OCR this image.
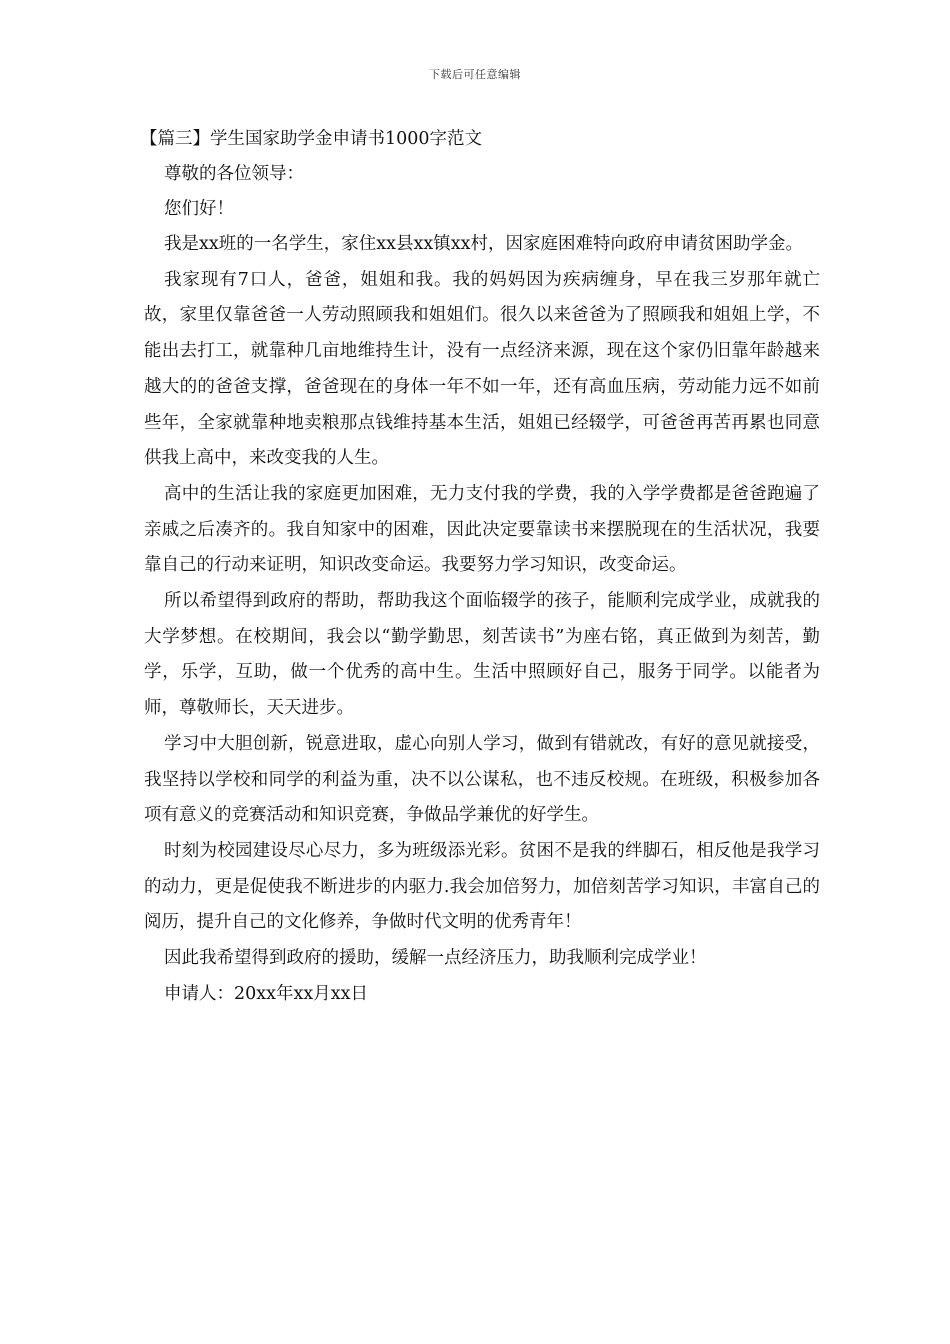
下载后可任意编辑
【篇三】学生国家助学金申请书1000字范文

尊敬的各位领导：

您们好！

我是xx班的一名学生，家住xx县xx镇xx村，因家庭困难特向政府申请贫困助学金。

我家现有7口人，爸爸，姐姐和我。我的妈妈因为疾病缠身，早在我三岁那年就亡故，家里仅靠爸爸一人劳动照顾我和姐姐们。很久以来爸爸为了照顾我和姐姐上学，不能出去打工，就靠种几亩地维持生计，没有一点经济来源，现在这个家仍旧靠年龄越来越大的的爸爸支撑，爸爸现在的身体一年不如一年，还有高血压病，劳动能力远不如前些年，全家就靠种地卖粮那点钱维持基本生活，姐姐已经辍学，可爸爸再苦再累也同意供我上高中，来改变我的人生。

高中的生活让我的家庭更加困难，无力支付我的学费，我的入学学费都是爸爸跑遍了亲戚之后凑齐的。我自知家中的困难，因此决定要靠读书来摆脱现在的生活状况，我要靠自己的行动来证明，知识改变命运。我要努力学习知识，改变命运。

所以希望得到政府的帮助，帮助我这个面临辍学的孩子，能顺利完成学业，成就我的大学梦想。在校期间，我会以“勤学勤思，刻苦读书”为座右铭，真正做到为刻苦，勤学，乐学，互助，做一个优秀的高中生。生活中照顾好自己，服务于同学。以能者为师，尊敬师长，天天进步。

学习中大胆创新，锐意进取，虚心向别人学习，做到有错就改，有好的意见就接受，我坚持以学校和同学的利益为重，决不以公谋私，也不违反校规。在班级，积极参加各项有意义的竞赛活动和知识竞赛，争做品学兼优的好学生。

时刻为校园建设尽心尽力，多为班级添光彩。贫困不是我的绊脚石，相反他是我学习的动力，更是促使我不断进步的内驱力.我会加倍努力，加倍刻苦学习知识，丰富自己的阅历，提升自己的文化修养，争做时代文明的优秀青年！

因此我希望得到政府的援助，缓解一点经济压力，助我顺利完成学业！

申请人：20xx年xx月xx日
